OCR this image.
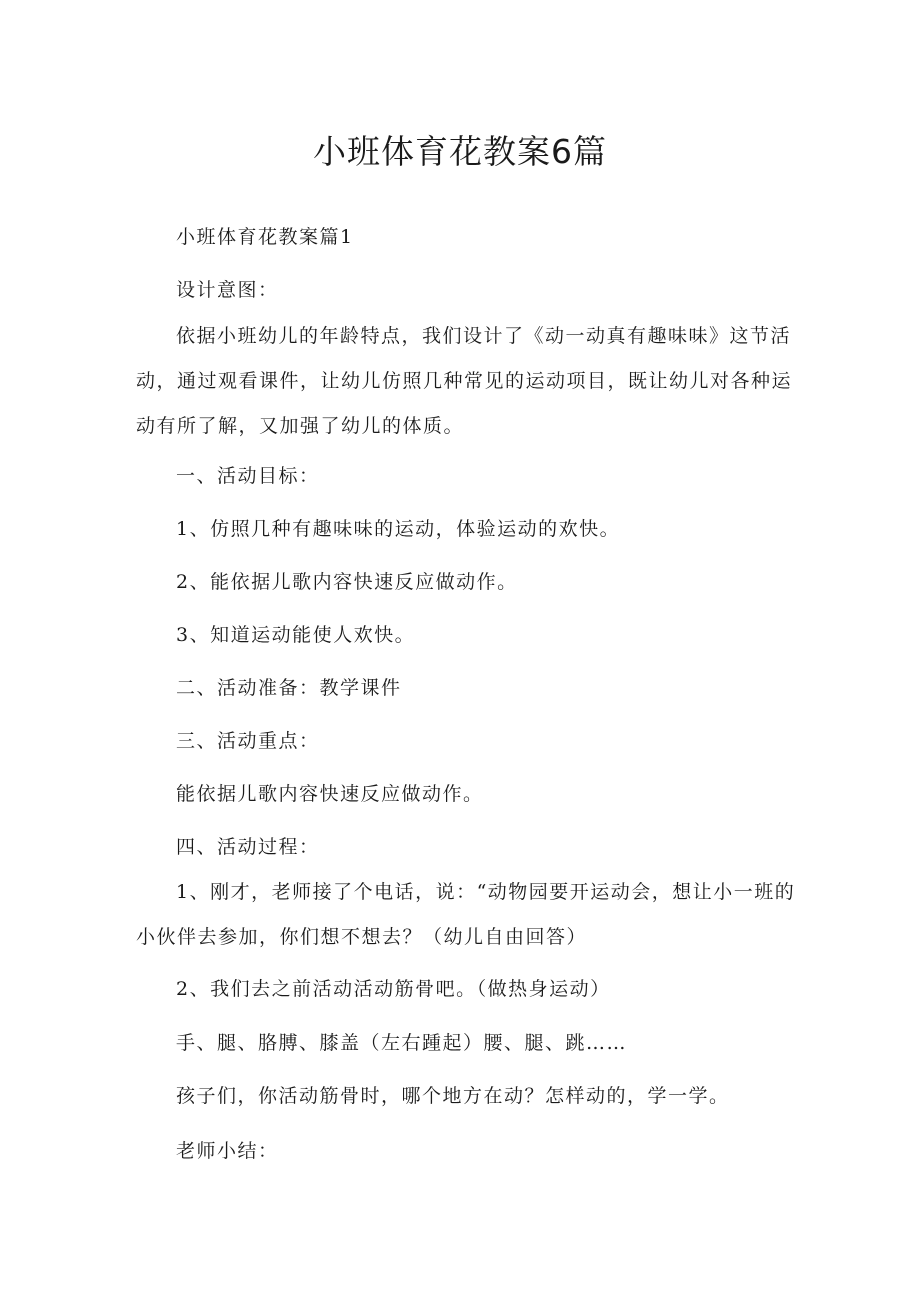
小班体育花教案6篇

小班体育花教案篇1

设计意图：

依据小班幼儿的年龄特点，我们设计了《动一动真有趣味味》这节活动，通过观看课件，让幼儿仿照几种常见的运动项目，既让幼儿对各种运动有所了解，又加强了幼儿的体质。

一、活动目标：

1、仿照几种有趣味味的运动，体验运动的欢快。

2、能依据儿歌内容快速反应做动作。

3、知道运动能使人欢快。

二、活动准备：教学课件

三、活动重点：

能依据儿歌内容快速反应做动作。

四、活动过程：

1、刚才，老师接了个电话，说：“动物园要开运动会，想让小一班的小伙伴去参加，你们想不想去？（幼儿自由回答）

2、我们去之前活动活动筋骨吧。（做热身运动）

手、腿、胳膊、膝盖（左右踵起）腰、腿、跳……

孩子们，你活动筋骨时，哪个地方在动？怎样动的，学一学。

老师小结：
